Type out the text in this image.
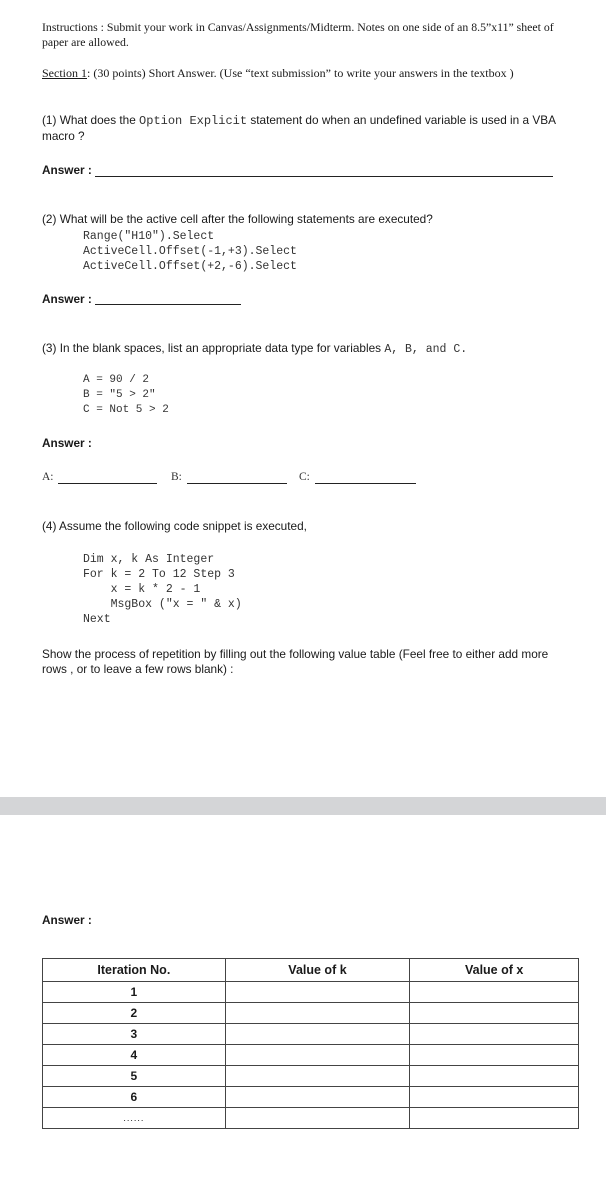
Instructions : Submit your work in Canvas/Assignments/Midterm. Notes on one side of an 8.5”x11” sheet of paper are allowed.
Section 1: (30 points) Short Answer. (Use “text submission” to write your answers in the textbox )
(1) What does the Option Explicit statement do when an undefined variable is used in a VBA macro ?
Answer :
(2) What will be the active cell after the following statements are executed?
Range("H10").Select
ActiveCell.Offset(-1,+3).Select
ActiveCell.Offset(+2,-6).Select
Answer :
(3) In the blank spaces, list an appropriate data type for variables A, B, and C.
A = 90 / 2
B = "5 > 2"
C = Not 5 > 2
Answer :
A:	B:	C:
(4) Assume the following code snippet is executed,
Dim x, k As Integer
For k = 2 To 12 Step 3
x = k * 2 - 1
MsgBox ("x = " & x)
Next
Show the process of repetition by filling out the following value table (Feel free to either add more rows , or to leave a few rows blank) :
Answer :
Iteration No.	Value of k	Value of x
1		
2		
3		
4		
5		
6		
......		
